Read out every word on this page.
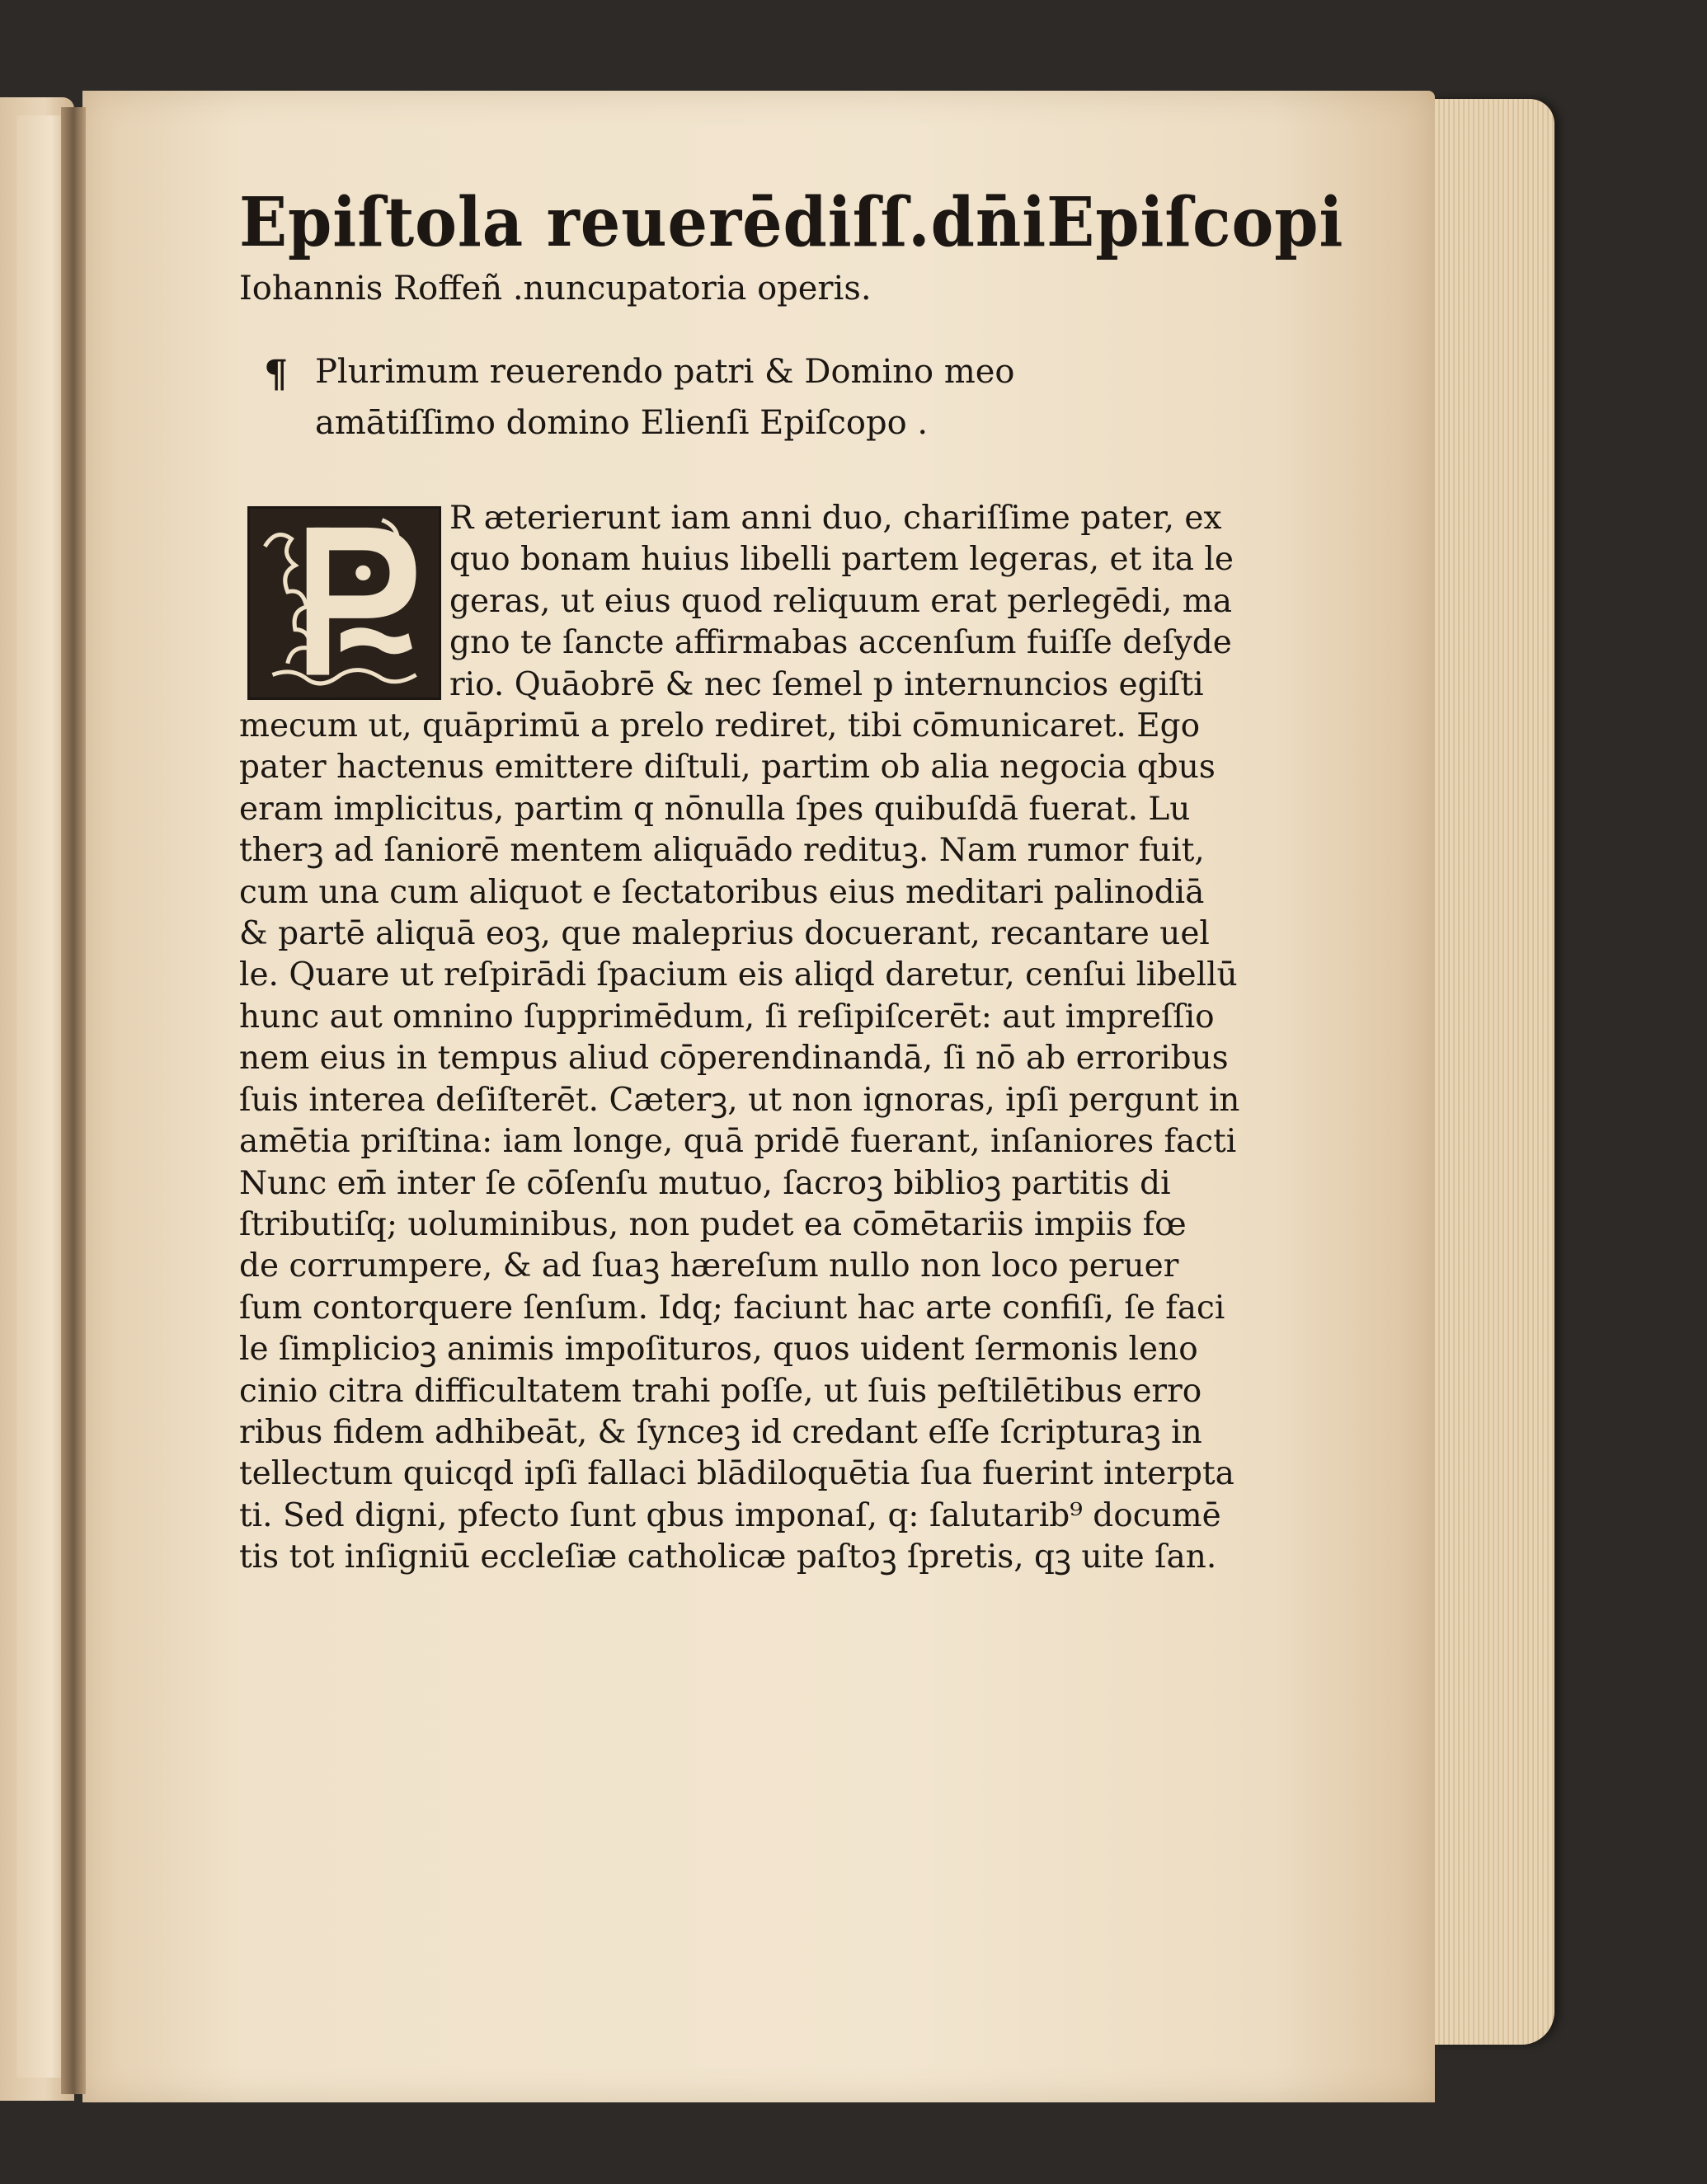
Epiſtola reuerēdiſſ.dn̄iEpiſcopi

Iohannis Roffeñ .nuncupatoria operis.

¶ Plurimum reuerendo patri & Domino meo
amātiſſimo domino Elienſi Epiſcopo .
R æterierunt iam anni duo, chariſſime pater, ex
quo bonam huius libelli partem legeras, et ita le
geras, ut eius quod reliquum erat perlegēdi, ma
gno te ſancte affirmabas accenſum fuiſſe deſyde
rio. Quāobrē & nec ſemel p internuncios egiſti
mecum ut, quāprimū a prelo rediret, tibi cōmunicaret. Ego
pater hactenus emittere diſtuli, partim ob alia negocia qbus
eram implicitus, partim q nōnulla ſpes quibuſdā fuerat. Lu
therꝫ ad ſaniorē mentem aliquādo redituꝫ. Nam rumor fuit,
cum una cum aliquot e ſectatoribus eius meditari palinodiā
& partē aliquā eoꝫ, que maleprius docuerant, recantare uel
le. Quare ut reſpirādi ſpacium eis aliqd daretur, cenſui libellū
hunc aut omnino ſupprimēdum, ſi reſipiſcerēt: aut impreſſio
nem eius in tempus aliud cōperendinandā, ſi nō ab erroribus
ſuis interea deſiſterēt. Cæterꝫ, ut non ignoras, ipſi pergunt in
amētia priſtina: iam longe, quā pridē fuerant, inſaniores facti
Nunc em̄ inter ſe cōſenſu mutuo, ſacroꝫ biblioꝫ partitis di
ſtributiſq; uoluminibus, non pudet ea cōmētariis impiis fœ
de corrumpere, & ad ſuaꝫ hæreſum nullo non loco peruer
ſum contorquere ſenſum. Idq; faciunt hac arte confiſi, ſe faci
le ſimplicioꝫ animis impoſituros, quos uident ſermonis leno
cinio citra difficultatem trahi poſſe, ut ſuis peſtilētibus erro
ribus fidem adhibeāt, & ſynceꝫ id credant eſſe ſcripturaꝫ in
tellectum quicqd ipſi fallaci blādiloquētia ſua fuerint interpta
ti. Sed digni, pfecto ſunt qbus imponaſ, q: ſalutarib⁹ documē
tis tot inſigniū eccleſiæ catholicæ paſtoꝫ ſpretis, qꝫ uite ſan.
